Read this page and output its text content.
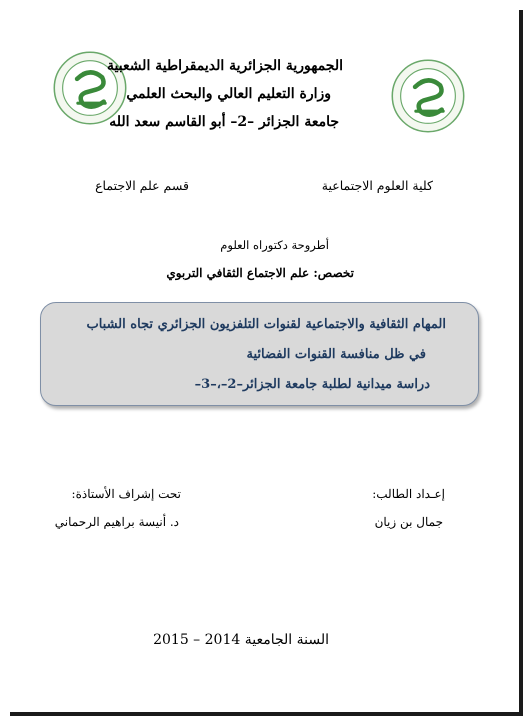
الجمهورية الجزائرية الديمقراطية الشعبية
وزارة التعليم العالي والبحث العلمي
جامعة الجزائر –2– أبو القاسم سعد الله
كلية العلوم الاجتماعية
قسم علم الاجتماع
أطروحة دكتوراه العلوم
تخصص: علم الاجتماع الثقافي التربوي
المهام الثقافية والاجتماعية لقنوات التلفزيون الجزائري تجاه الشباب
في ظل منافسة القنوات الفضائية
دراسة ميدانية لطلبة جامعة الجزائر–2–،–3–
إعـداد الطالب:
جمال بن زيان
تحت إشراف الأستاذة:
د. أنيسة براهيم الرحماني
السنة الجامعية 2014 – 2015
